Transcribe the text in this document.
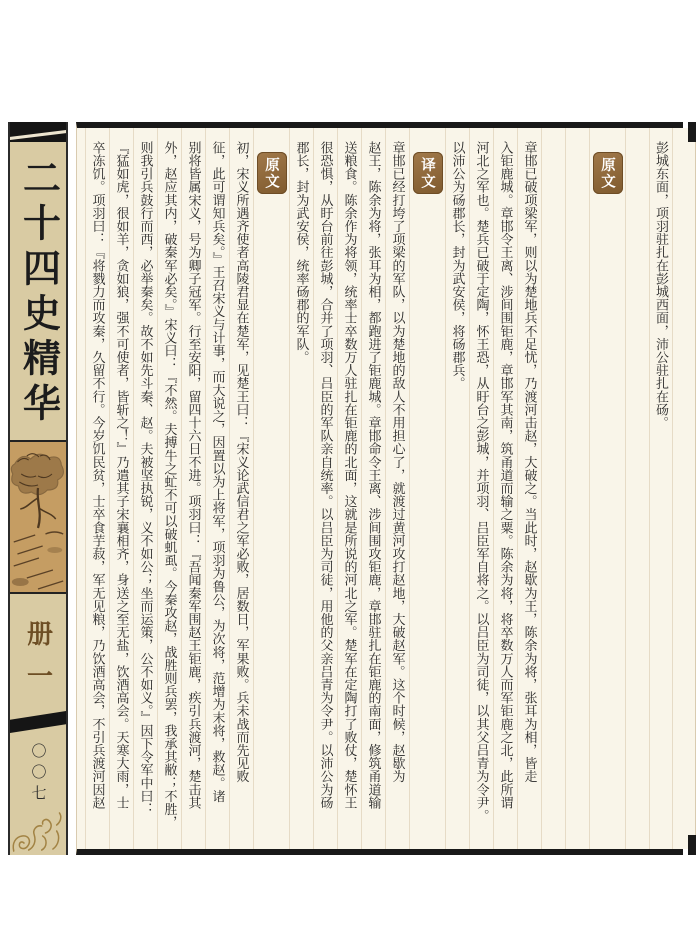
二十四史精华
册一
〇〇七
彭城东面，项羽驻扎在彭城西面，沛公驻扎在砀。
原文
章邯已破项梁军，则以为楚地兵不足忧，乃渡河击赵，大破之。当此时，赵歇为王，陈余为将，张耳为相，皆走
入钜鹿城。章邯令王离、涉间围钜鹿，章邯军其南，筑甬道而输之粟。陈余为将，将卒数万人而军钜鹿之北，此所谓
河北之军也。楚兵已破于定陶，怀王恐，从盱台之彭城，并项羽、吕臣军自将之。以吕臣为司徒，以其父吕青为令尹。
以沛公为砀郡长，封为武安侯，将砀郡兵。
译文
章邯已经打垮了项梁的军队，以为楚地的敌人不用担心了，就渡过黄河攻打赵地，大破赵军。这个时候，赵歇为
赵王，陈余为将，张耳为相，都跑进了钜鹿城。章邯命令王离、涉间围攻钜鹿，章邯驻扎在钜鹿的南面，修筑甬道输
送粮食。陈余作为将领，统率士卒数万人驻扎在钜鹿的北面，这就是所说的河北之军。楚军在定陶打了败仗，楚怀王
很恐惧，从盱台前往彭城，合并了项羽、吕臣的军队亲自统率。以吕臣为司徒，用他的父亲吕青为令尹。以沛公为砀
郡长，封为武安侯，统率砀郡的军队。
原文
初，宋义所遇齐使者高陵君显在楚军，见楚王曰：『宋义论武信君之军必败，居数日，军果败。兵未战而先见败
征，此可谓知兵矣。』王召宋义与计事，而大说之，因置以为上将军，项羽为鲁公，为次将，范增为末将，救赵。诸
别将皆属宋义，号为卿子冠军。行至安阳，留四十六日不进。项羽曰：『吾闻秦军围赵王钜鹿，疾引兵渡河，楚击其
外，赵应其内，破秦军必矣。』宋义曰：『不然。夫搏牛之虻不可以破虮虱。今秦攻赵，战胜则兵罢，我承其敝；不胜，
则我引兵鼓行而西，必举秦矣。故不如先斗秦、赵。夫被坚执锐，义不如公；坐而运策，公不如义。』因下令军中曰：
『猛如虎，很如羊，贪如狼，强不可使者，皆斩之！』乃遣其子宋襄相齐，身送之至无盐，饮酒高会。天寒大雨，士
卒冻饥。项羽曰：『将戮力而攻秦，久留不行。今岁饥民贫，士卒食芋菽，军无见粮，乃饮酒高会，不引兵渡河因赵
